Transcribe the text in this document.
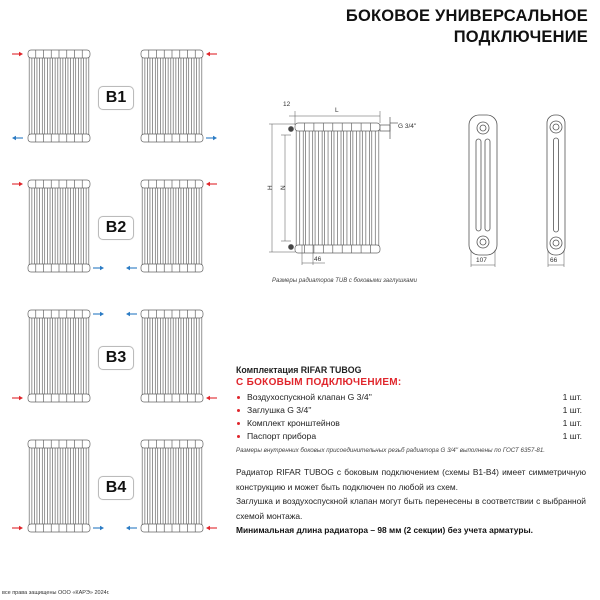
БОКОВОЕ УНИВЕРСАЛЬНОЕ
ПОДКЛЮЧЕНИЕ
B1
B2
B3
B4
12
L
G 3/4''
H N
46	107	66
Размеры радиаторов TUB с боковыми заглушками
Комплектация RIFAR TUBOG
С БОКОВЫМ ПОДКЛЮЧЕНИЕМ:
Воздухоспускной клапан G 3/4''	1 шт.
Заглушка G 3/4''	1 шт.
Комплект кронштейнов	1 шт.
Паспорт прибора	1 шт.
Размеры внутренних боковых присоединительных резьб радиатора G 3/4'' выполнены по ГОСТ 6357-81.
Радиатор RIFAR TUBOG с боковым подключением (схемы B1-B4) имеет симметричную конструкцию и может быть подключен по любой из схем.
Заглушка и воздухоспускной клапан могут быть перенесены в соответствии с выбранной схемой монтажа.
Минимальная длина радиатора – 98 мм (2 секции) без учета арматуры.
все права защищены ООО «КАРЭ» 2024г.
